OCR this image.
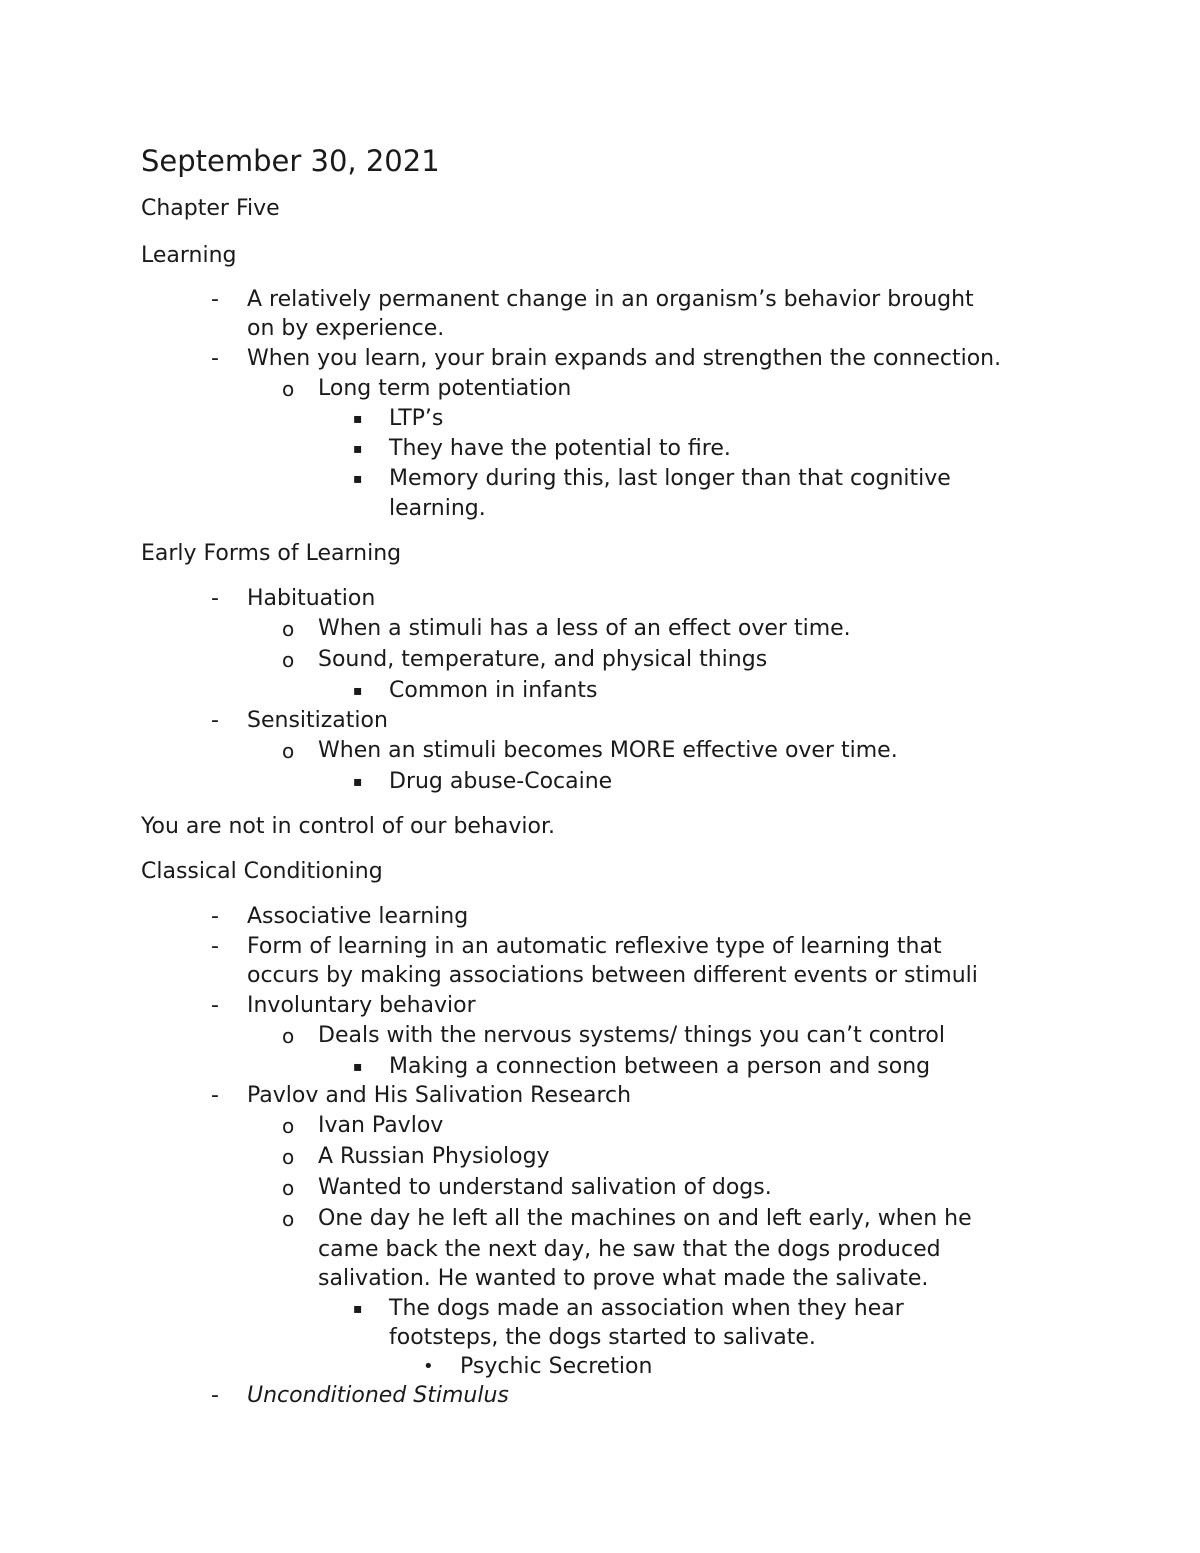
September 30, 2021
Chapter Five
Learning
- A relatively permanent change in an organism’s behavior brought
on by experience.
- When you learn, your brain expands and strengthen the connection.
o Long term potentiation
▪ LTP’s
▪ They have the potential to fire.
▪ Memory during this, last longer than that cognitive
learning.
Early Forms of Learning
- Habituation
o When a stimuli has a less of an effect over time.
o Sound, temperature, and physical things
▪ Common in infants
- Sensitization
o When an stimuli becomes MORE effective over time.
▪ Drug abuse-Cocaine
You are not in control of our behavior.
Classical Conditioning
- Associative learning
- Form of learning in an automatic reflexive type of learning that
occurs by making associations between different events or stimuli
- Involuntary behavior
o Deals with the nervous systems/ things you can’t control
▪ Making a connection between a person and song
- Pavlov and His Salivation Research
o Ivan Pavlov
o A Russian Physiology
o Wanted to understand salivation of dogs.
o One day he left all the machines on and left early, when he
came back the next day, he saw that the dogs produced
salivation. He wanted to prove what made the salivate.
▪ The dogs made an association when they hear
footsteps, the dogs started to salivate.
• Psychic Secretion
- Unconditioned Stimulus
